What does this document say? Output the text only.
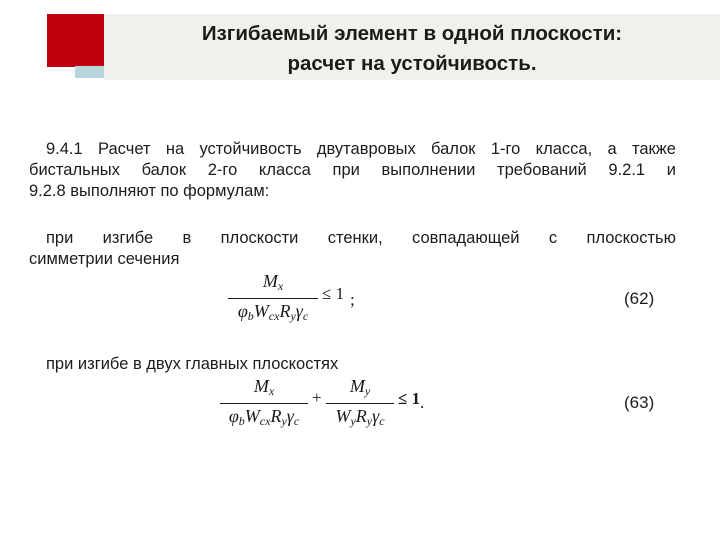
Изгибаемый элемент в одной плоскости:
расчет на устойчивость.
9.4.1 Расчет на устойчивость двутавровых балок 1-го класса, а также
бистальных балок 2-го класса при выполнении требований 9.2.1 и
9.2.8 выполняют по формулам:
при изгибе в плоскости стенки, совпадающей с плоскостью
симметрии сечения
$M_x$
$\varphi_bW_{cx}R_y\gamma_c$
≤ 1 ;	(62)
при изгибе в двух главных плоскостях
$M_x$
$\varphi_bW_{cx}R_y\gamma_c$
+
$M_y$
$W_yR_y\gamma_c$
≤ 1 .	(63)
